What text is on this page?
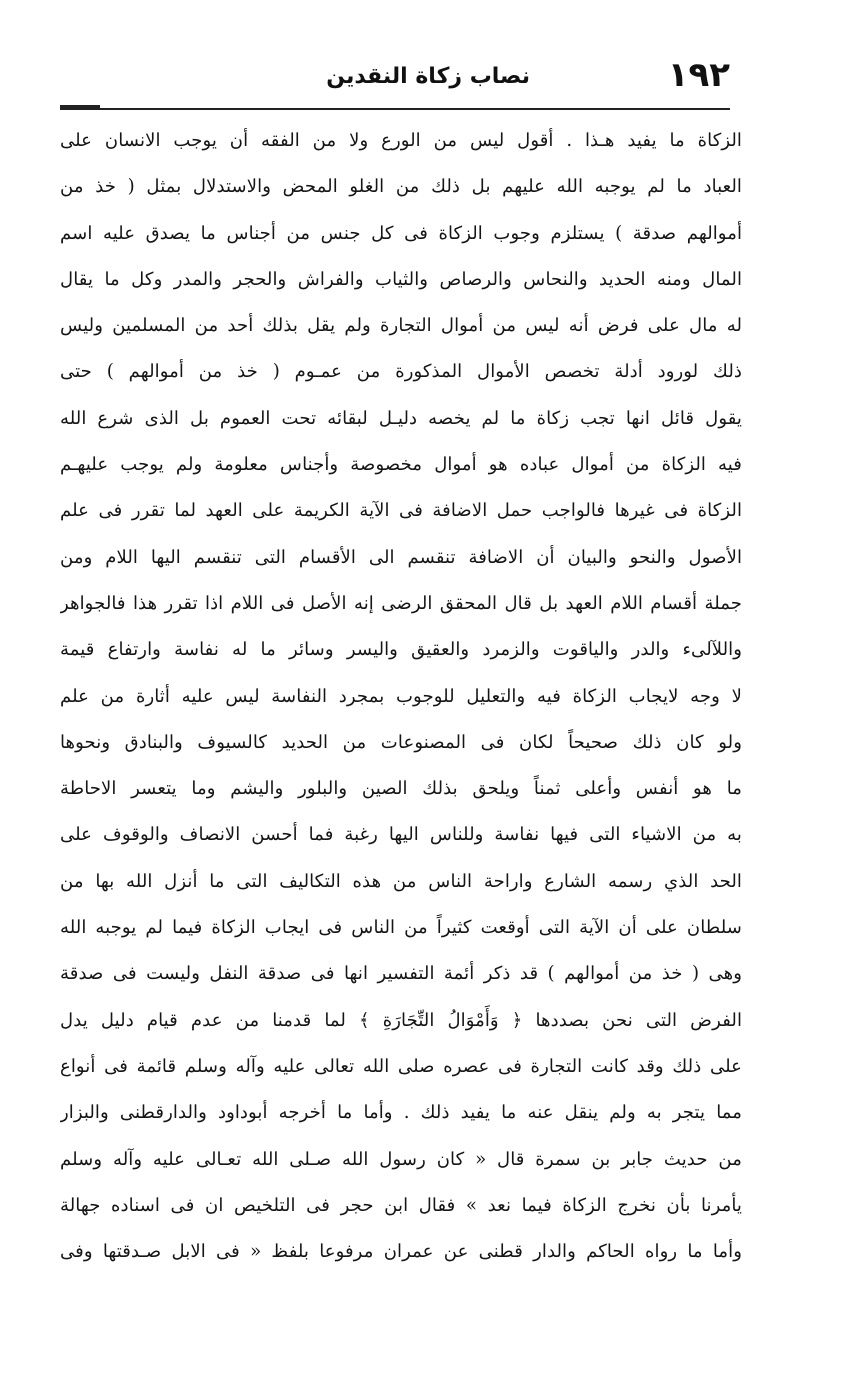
١٩٢
نصاب زكاة النقدين
الزكاة ما يفيد هـذا . أقول ليس من الورع ولا من الفقه أن يوجب الانسان على
العباد ما لم يوجبه الله عليهم بل ذلك من الغلو المحض والاستدلال بمثل ( خذ من
أموالهم صدقة ) يستلزم وجوب الزكاة فى كل جنس من أجناس ما يصدق عليه اسم
المال ومنه الحديد والنحاس والرصاص والثياب والفراش والحجر والمدر وكل ما يقال
له مال على فرض أنه ليس من أموال التجارة ولم يقل بذلك أحد من المسلمين وليس
ذلك لورود أدلة تخصص الأموال المذكورة من عمـوم ( خذ من أموالهم ) حتى
يقول قائل انها تجب زكاة ما لم يخصه دليـل لبقائه تحت العموم بل الذى شرع الله
فيه الزكاة من أموال عباده هو أموال مخصوصة وأجناس معلومة ولم يوجب عليهـم
الزكاة فى غيرها فالواجب حمل الاضافة فى الآية الكريمة على العهد لما تقرر فى علم
الأصول والنحو والبيان أن الاضافة تنقسم الى الأقسام التى تنقسم اليها اللام ومن
جملة أقسام اللام العهد بل قال المحقق الرضى إنه الأصل فى اللام اذا تقرر هذا فالجواهر
واللآلىء والدر والياقوت والزمرد والعقيق واليسر وسائر ما له نفاسة وارتفاع قيمة
لا وجه لايجاب الزكاة فيه والتعليل للوجوب بمجرد النفاسة ليس عليه أثارة من علم
ولو كان ذلك صحيحاً لكان فى المصنوعات من الحديد كالسيوف والبنادق ونحوها
ما هو أنفس وأعلى ثمناً ويلحق بذلك الصين والبلور واليشم وما يتعسر الاحاطة
به من الاشياء التى فيها نفاسة وللناس اليها رغبة فما أحسن الانصاف والوقوف على
الحد الذي رسمه الشارع واراحة الناس من هذه التكاليف التى ما أنزل الله بها من
سلطان على أن الآية التى أوقعت كثيراً من الناس فى ايجاب الزكاة فيما لم يوجبه الله
وهى ( خذ من أموالهم ) قد ذكر أئمة التفسير انها فى صدقة النفل وليست فى صدقة
الفرض التى نحن بصددها ﴿ وَأَمْوَالُ التِّجَارَةِ ﴾ لما قدمنا من عدم قيام دليل يدل
على ذلك وقد كانت التجارة فى عصره صلى الله تعالى عليه وآله وسلم قائمة فى أنواع
مما يتجر به ولم ينقل عنه ما يفيد ذلك . وأما ما أخرجه أبوداود والدارقطنى والبزار
من حديث جابر بن سمرة قال « كان رسول الله صـلى الله تعـالى عليه وآله وسلم
يأمرنا بأن نخرج الزكاة فيما نعد » فقال ابن حجر فى التلخيص ان فى اسناده جهالة
وأما ما رواه الحاكم والدار قطنى عن عمران مرفوعا بلفظ « فى الابل صـدقتها وفى
